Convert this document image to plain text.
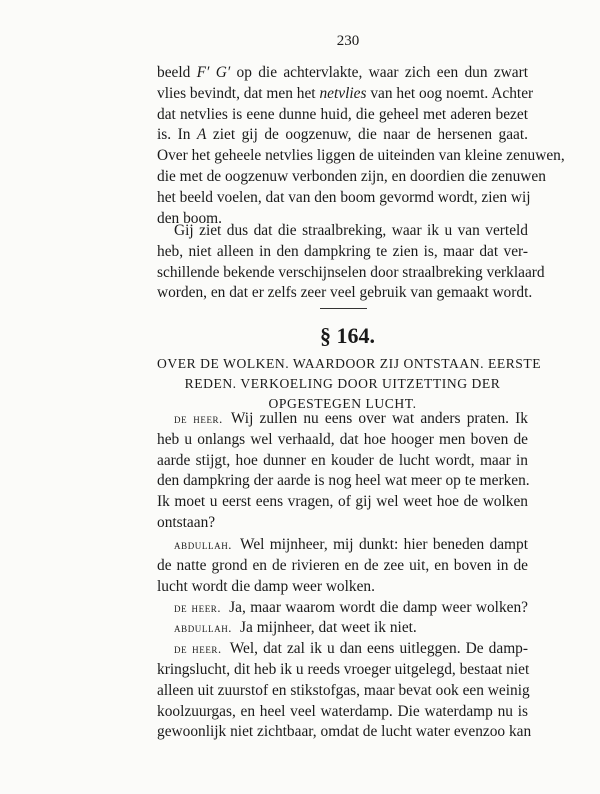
230
beeld F′ G′ op die achtervlakte, waar zich een dun zwart
vlies bevindt, dat men het netvlies van het oog noemt. Achter
dat netvlies is eene dunne huid, die geheel met aderen bezet
is. In A ziet gij de oogzenuw, die naar de hersenen gaat.
Over het geheele netvlies liggen de uiteinden van kleine zenuwen,
die met de oogzenuw verbonden zijn, en doordien die zenuwen
het beeld voelen, dat van den boom gevormd wordt, zien wij
den boom.
Gij ziet dus dat die straalbreking, waar ik u van verteld
heb, niet alleen in den dampkring te zien is, maar dat ver-
schillende bekende verschijnselen door straalbreking verklaard
worden, en dat er zelfs zeer veel gebruik van gemaakt wordt.
§ 164.
OVER DE WOLKEN. WAARDOOR ZIJ ONTSTAAN. EERSTE
REDEN. VERKOELING DOOR UITZETTING DER
OPGESTEGEN LUCHT.
de heer. Wij zullen nu eens over wat anders praten. Ik
heb u onlangs wel verhaald, dat hoe hooger men boven de
aarde stijgt, hoe dunner en kouder de lucht wordt, maar in
den dampkring der aarde is nog heel wat meer op te merken.
Ik moet u eerst eens vragen, of gij wel weet hoe de wolken
ontstaan?
abdullah. Wel mijnheer, mij dunkt: hier beneden dampt
de natte grond en de rivieren en de zee uit, en boven in de
lucht wordt die damp weer wolken.
de heer. Ja, maar waarom wordt die damp weer wolken?
abdullah. Ja mijnheer, dat weet ik niet.
de heer. Wel, dat zal ik u dan eens uitleggen. De damp-
kringslucht, dit heb ik u reeds vroeger uitgelegd, bestaat niet
alleen uit zuurstof en stikstofgas, maar bevat ook een weinig
koolzuurgas, en heel veel waterdamp. Die waterdamp nu is
gewoonlijk niet zichtbaar, omdat de lucht water evenzoo kan
